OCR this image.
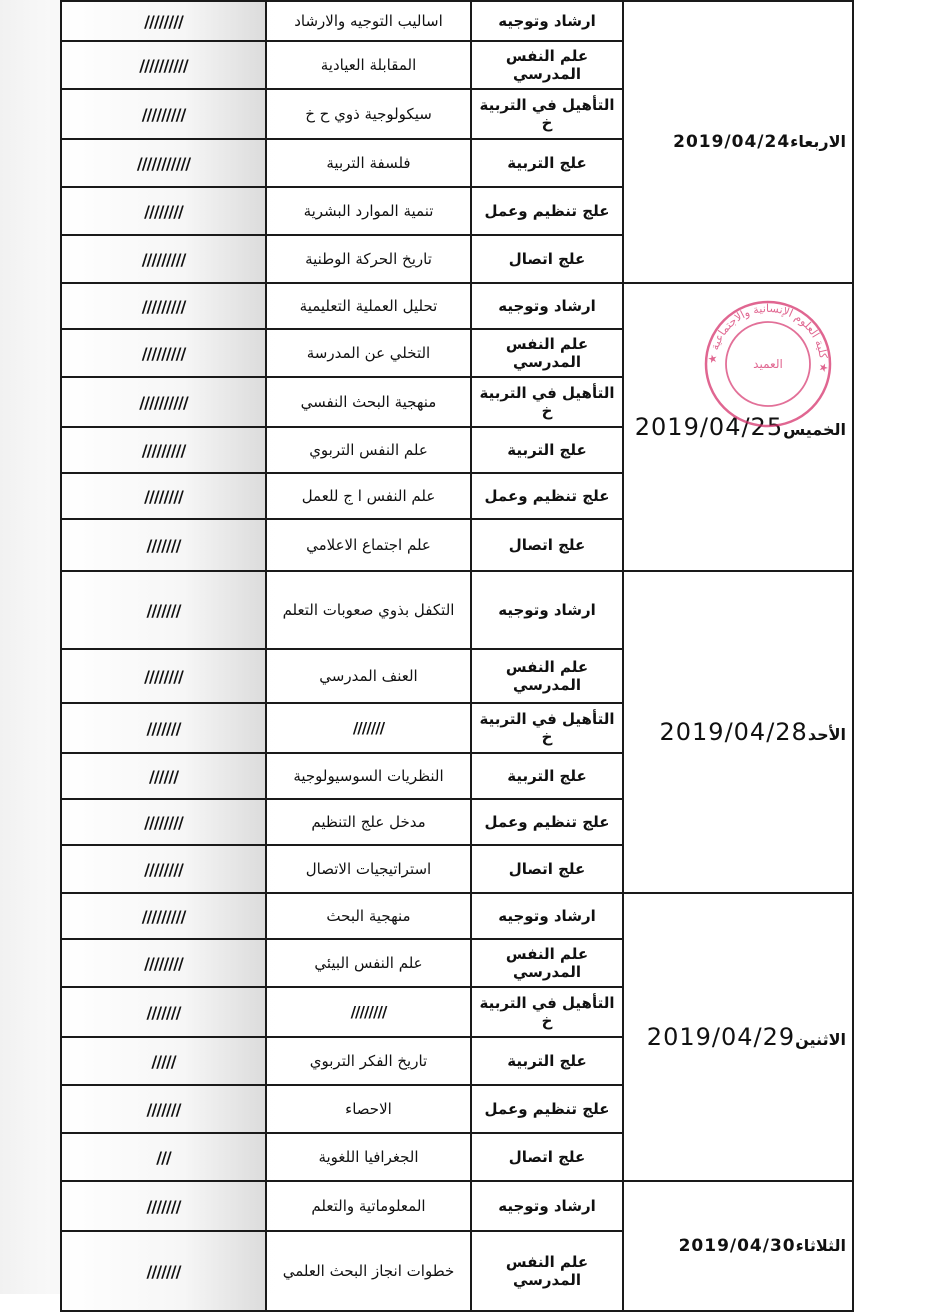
////////	اساليب التوجيه والارشاد	ارشاد وتوجيه	2019/04/24 الاربعاء

//////////	المقابلة العيادية	علم النفس المدرسي	
/////////	سيكولوجية ذوي ح خ	التأهيل في التربية خ	
///////////	فلسفة التربية	علج التربية	
////////	تنمية الموارد البشرية	علج تنظيم وعمل	
/////////	تاريخ الحركة الوطنية	علج اتصال	
/////////	تحليل العملية التعليمية	ارشاد وتوجيه	2019/04/25 الخميس
★ كلية العلوم الإنسانية والاجتماعية ★
العميد

/////////	التخلي عن المدرسة	علم النفس المدرسي	
//////////	منهجية البحث النفسي	التأهيل في التربية خ	
/////////	علم النفس التربوي	علج التربية	
////////	علم النفس ا ج للعمل	علج تنظيم وعمل	
///////	علم اجتماع الاعلامي	علج اتصال	
///////	التكفل بذوي صعوبات التعلم	ارشاد وتوجيه	2019/04/28 الأحد

////////	العنف المدرسي	علم النفس المدرسي	
///////	///////	التأهيل في التربية خ	
//////	النظريات السوسيولوجية	علج التربية	
////////	مدخل علج التنظيم	علج تنظيم وعمل	
////////	استراتيجيات الاتصال	علج اتصال	
/////////	منهجية البحث	ارشاد وتوجيه	2019/04/29 الاثنين

////////	علم النفس البيئي	علم النفس المدرسي	
///////	////////	التأهيل في التربية خ	
/////	تاريخ الفكر التربوي	علج التربية	
///////	الاحصاء	علج تنظيم وعمل	
///	الجغرافيا اللغوية	علج اتصال	
///////	المعلوماتية والتعلم	ارشاد وتوجيه	2019/04/30 الثلاثاء

///////	خطوات انجاز البحث العلمي	علم النفس المدرسي	
